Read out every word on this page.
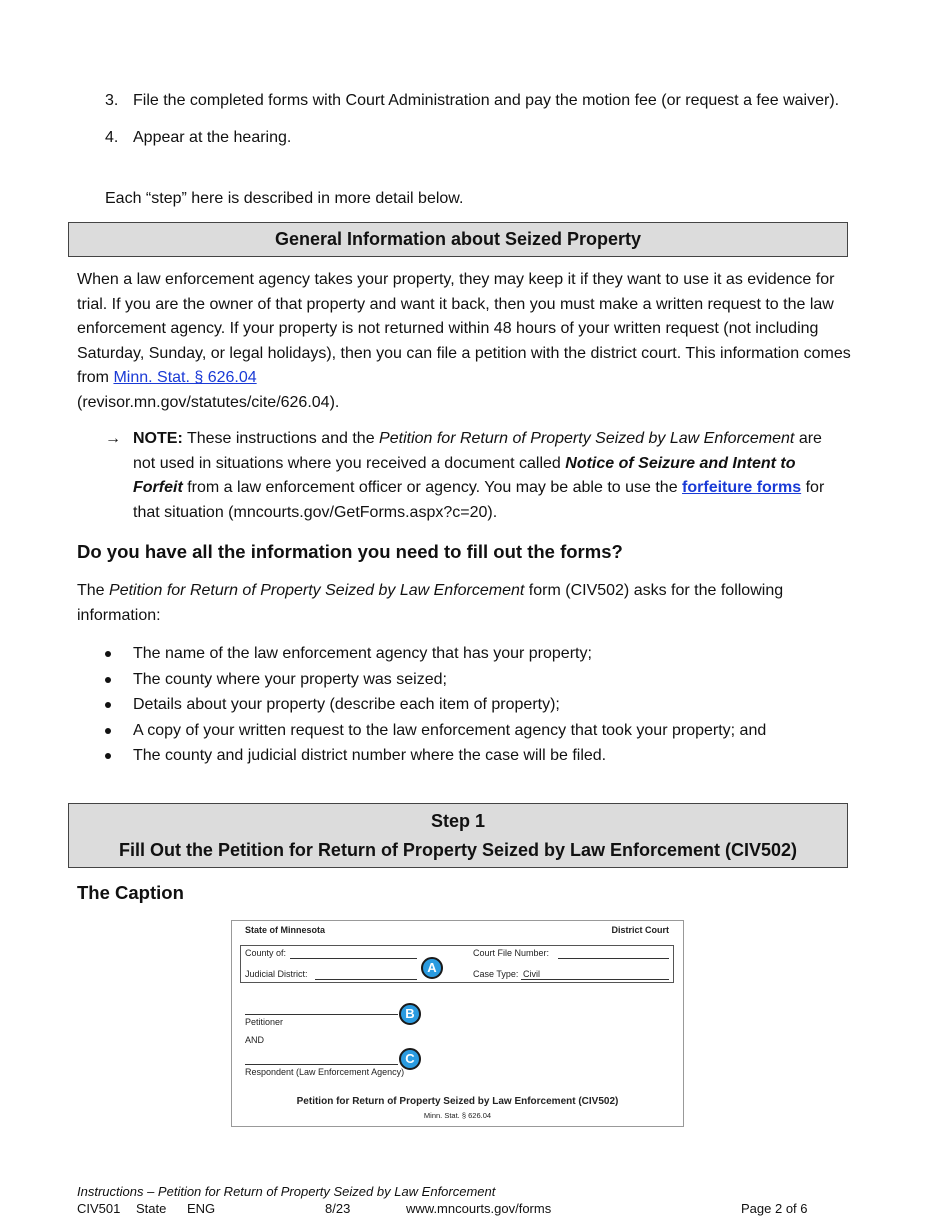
3. File the completed forms with Court Administration and pay the motion fee (or request a fee waiver).
4. Appear at the hearing.
Each “step” here is described in more detail below.
General Information about Seized Property
When a law enforcement agency takes your property, they may keep it if they want to use it as evidence for trial. If you are the owner of that property and want it back, then you must make a written request to the law enforcement agency. If your property is not returned within 48 hours of your written request (not including Saturday, Sunday, or legal holidays), then you can file a petition with the district court. This information comes from Minn. Stat. § 626.04
(revisor.mn.gov/statutes/cite/626.04).
→ NOTE: These instructions and the Petition for Return of Property Seized by Law Enforcement are not used in situations where you received a document called Notice of Seizure and Intent to Forfeit from a law enforcement officer or agency. You may be able to use the forfeiture forms for that situation (mncourts.gov/GetForms.aspx?c=20).
Do you have all the information you need to fill out the forms?
The Petition for Return of Property Seized by Law Enforcement form (CIV502) asks for the following information:
The name of the law enforcement agency that has your property;
The county where your property was seized;
Details about your property (describe each item of property);
A copy of your written request to the law enforcement agency that took your property; and
The county and judicial district number where the case will be filed.
Step 1
Fill Out the Petition for Return of Property Seized by Law Enforcement (CIV502)
The Caption
State of Minnesota	District Court
County of:
Judicial District:
Court File Number:
Case Type: Civil
A
Petitioner
B
AND
Respondent (Law Enforcement Agency)
C
Petition for Return of Property Seized by Law Enforcement (CIV502)
Minn. Stat. § 626.04
Instructions – Petition for Return of Property Seized by Law Enforcement
CIV501 State ENG	8/23	www.mncourts.gov/forms	Page 2 of 6
